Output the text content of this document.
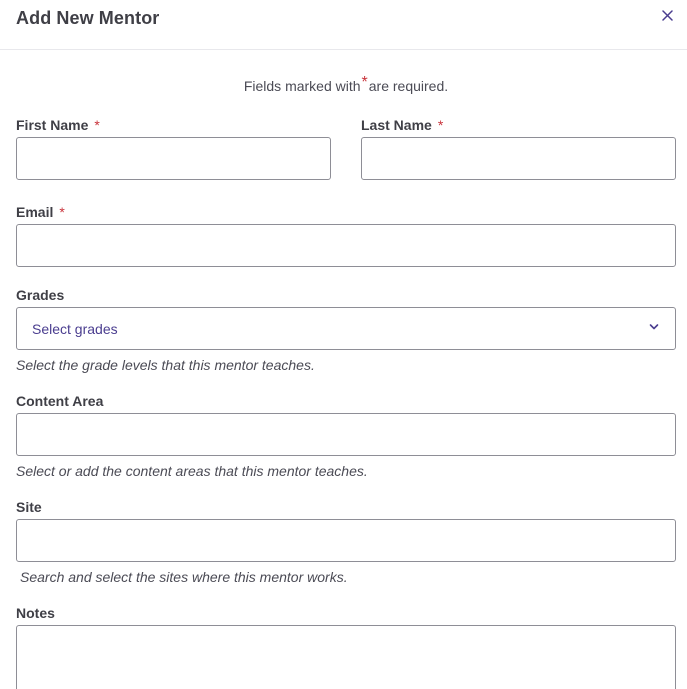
Add New Mentor
Fields marked with*are required.
First Name *	Last Name *
Email *
Grades
Select grades
Select the grade levels that this mentor teaches.
Content Area
Select or add the content areas that this mentor teaches.
Site
Search and select the sites where this mentor works.
Notes
